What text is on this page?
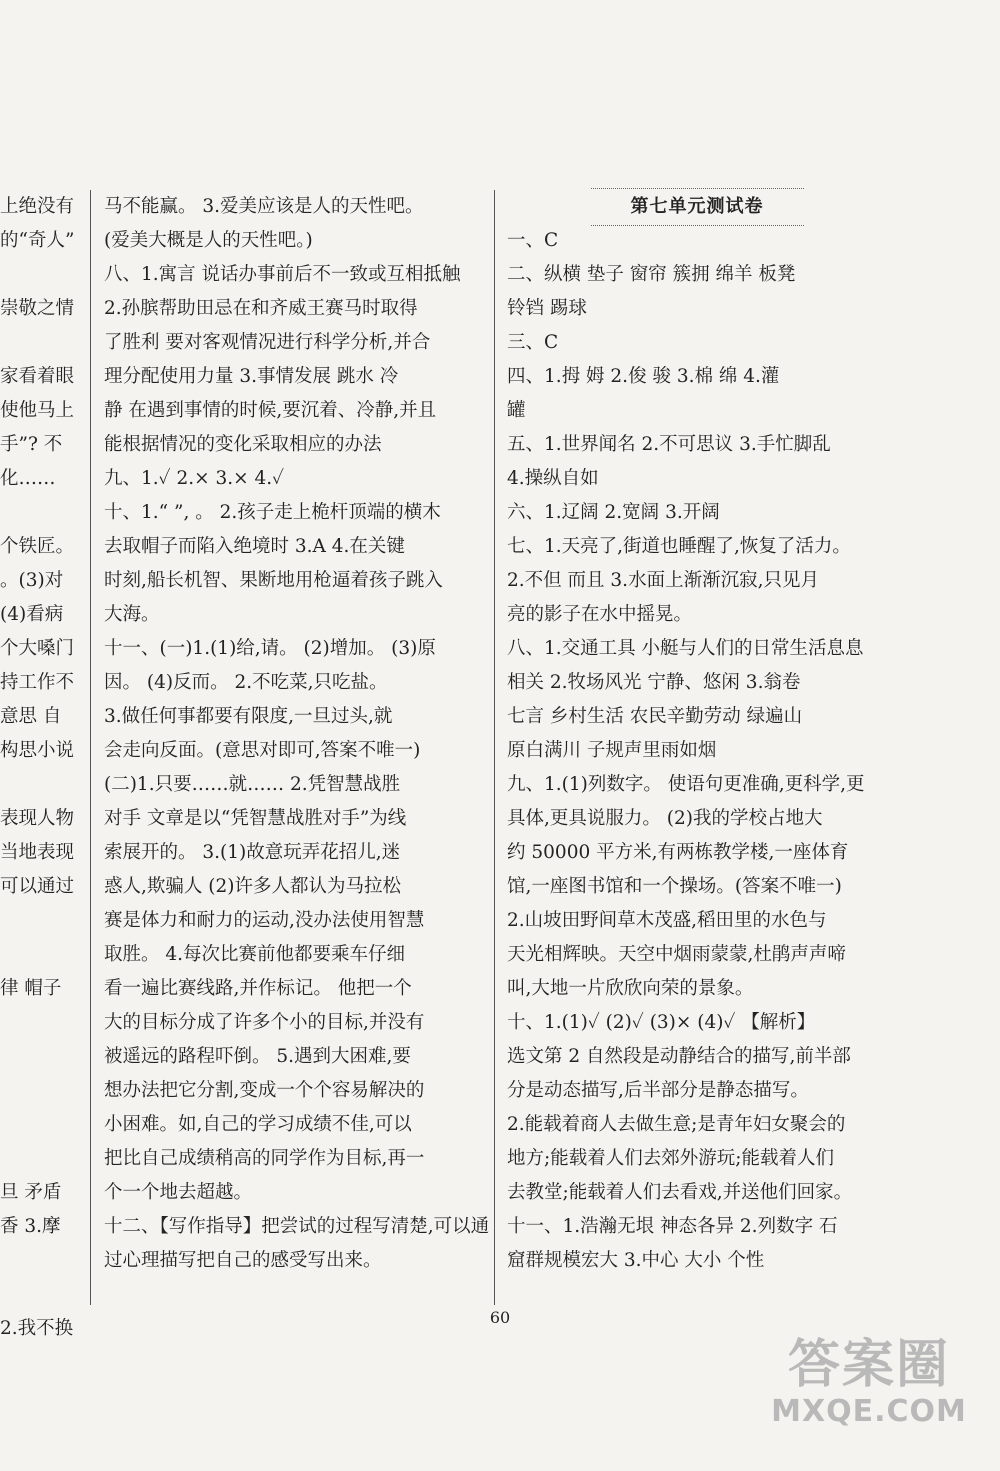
上绝没有
的“奇人”
崇敬之情
家看着眼
使他马上
手”? 不
化……
个铁匠。
。(3)对
(4)看病
个大嗓门
持工作不
意思 自
构思小说
表现人物
当地表现
可以通过
律 帽子
旦 矛盾
香 3.摩
2.我不换
马不能赢。 3.爱美应该是人的天性吧。
(爱美大概是人的天性吧。)
八、1.寓言 说话办事前后不一致或互相抵触
2.孙膑帮助田忌在和齐威王赛马时取得
了胜利 要对客观情况进行科学分析,并合
理分配使用力量 3.事情发展 跳水 冷
静 在遇到事情的时候,要沉着、冷静,并且
能根据情况的变化采取相应的办法
九、1.✓ 2.× 3.× 4.✓
十、1.“ ”, 。 2.孩子走上桅杆顶端的横木
去取帽子而陷入绝境时 3.A 4.在关键
时刻,船长机智、果断地用枪逼着孩子跳入
大海。
十一、(一)1.(1)给,请。 (2)增加。 (3)原
因。 (4)反而。 2.不吃菜,只吃盐。
3.做任何事都要有限度,一旦过头,就
会走向反面。(意思对即可,答案不唯一)
(二)1.只要……就…… 2.凭智慧战胜
对手 文章是以“凭智慧战胜对手”为线
索展开的。 3.(1)故意玩弄花招儿,迷
惑人,欺骗人 (2)许多人都认为马拉松
赛是体力和耐力的运动,没办法使用智慧
取胜。 4.每次比赛前他都要乘车仔细
看一遍比赛线路,并作标记。 他把一个
大的目标分成了许多个小的目标,并没有
被遥远的路程吓倒。 5.遇到大困难,要
想办法把它分割,变成一个个容易解决的
小困难。如,自己的学习成绩不佳,可以
把比自己成绩稍高的同学作为目标,再一
个一个地去超越。
十二、【写作指导】把尝试的过程写清楚,可以通
过心理描写把自己的感受写出来。
第七单元测试卷
一、C
二、纵横 垫子 窗帘 簇拥 绵羊 板凳
铃铛 踢球
三、C
四、1.拇 姆 2.俊 骏 3.棉 绵 4.灌
罐
五、1.世界闻名 2.不可思议 3.手忙脚乱
4.操纵自如
六、1.辽阔 2.宽阔 3.开阔
七、1.天亮了,街道也睡醒了,恢复了活力。
2.不但 而且 3.水面上渐渐沉寂,只见月
亮的影子在水中摇晃。
八、1.交通工具 小艇与人们的日常生活息息
相关 2.牧场风光 宁静、悠闲 3.翁卷
七言 乡村生活 农民辛勤劳动 绿遍山
原白满川 子规声里雨如烟
九、1.(1)列数字。 使语句更准确,更科学,更
具体,更具说服力。 (2)我的学校占地大
约 50000 平方米,有两栋教学楼,一座体育
馆,一座图书馆和一个操场。(答案不唯一)
2.山坡田野间草木茂盛,稻田里的水色与
天光相辉映。天空中烟雨蒙蒙,杜鹃声声啼
叫,大地一片欣欣向荣的景象。
十、1.(1)✓ (2)✓ (3)× (4)✓ 【解析】
选文第 2 自然段是动静结合的描写,前半部
分是动态描写,后半部分是静态描写。
2.能载着商人去做生意;是青年妇女聚会的
地方;能载着人们去郊外游玩;能载着人们
去教堂;能载着人们去看戏,并送他们回家。
十一、1.浩瀚无垠 神态各异 2.列数字 石
窟群规模宏大 3.中心 大小 个性
60
答案圈
MXQE.COM
